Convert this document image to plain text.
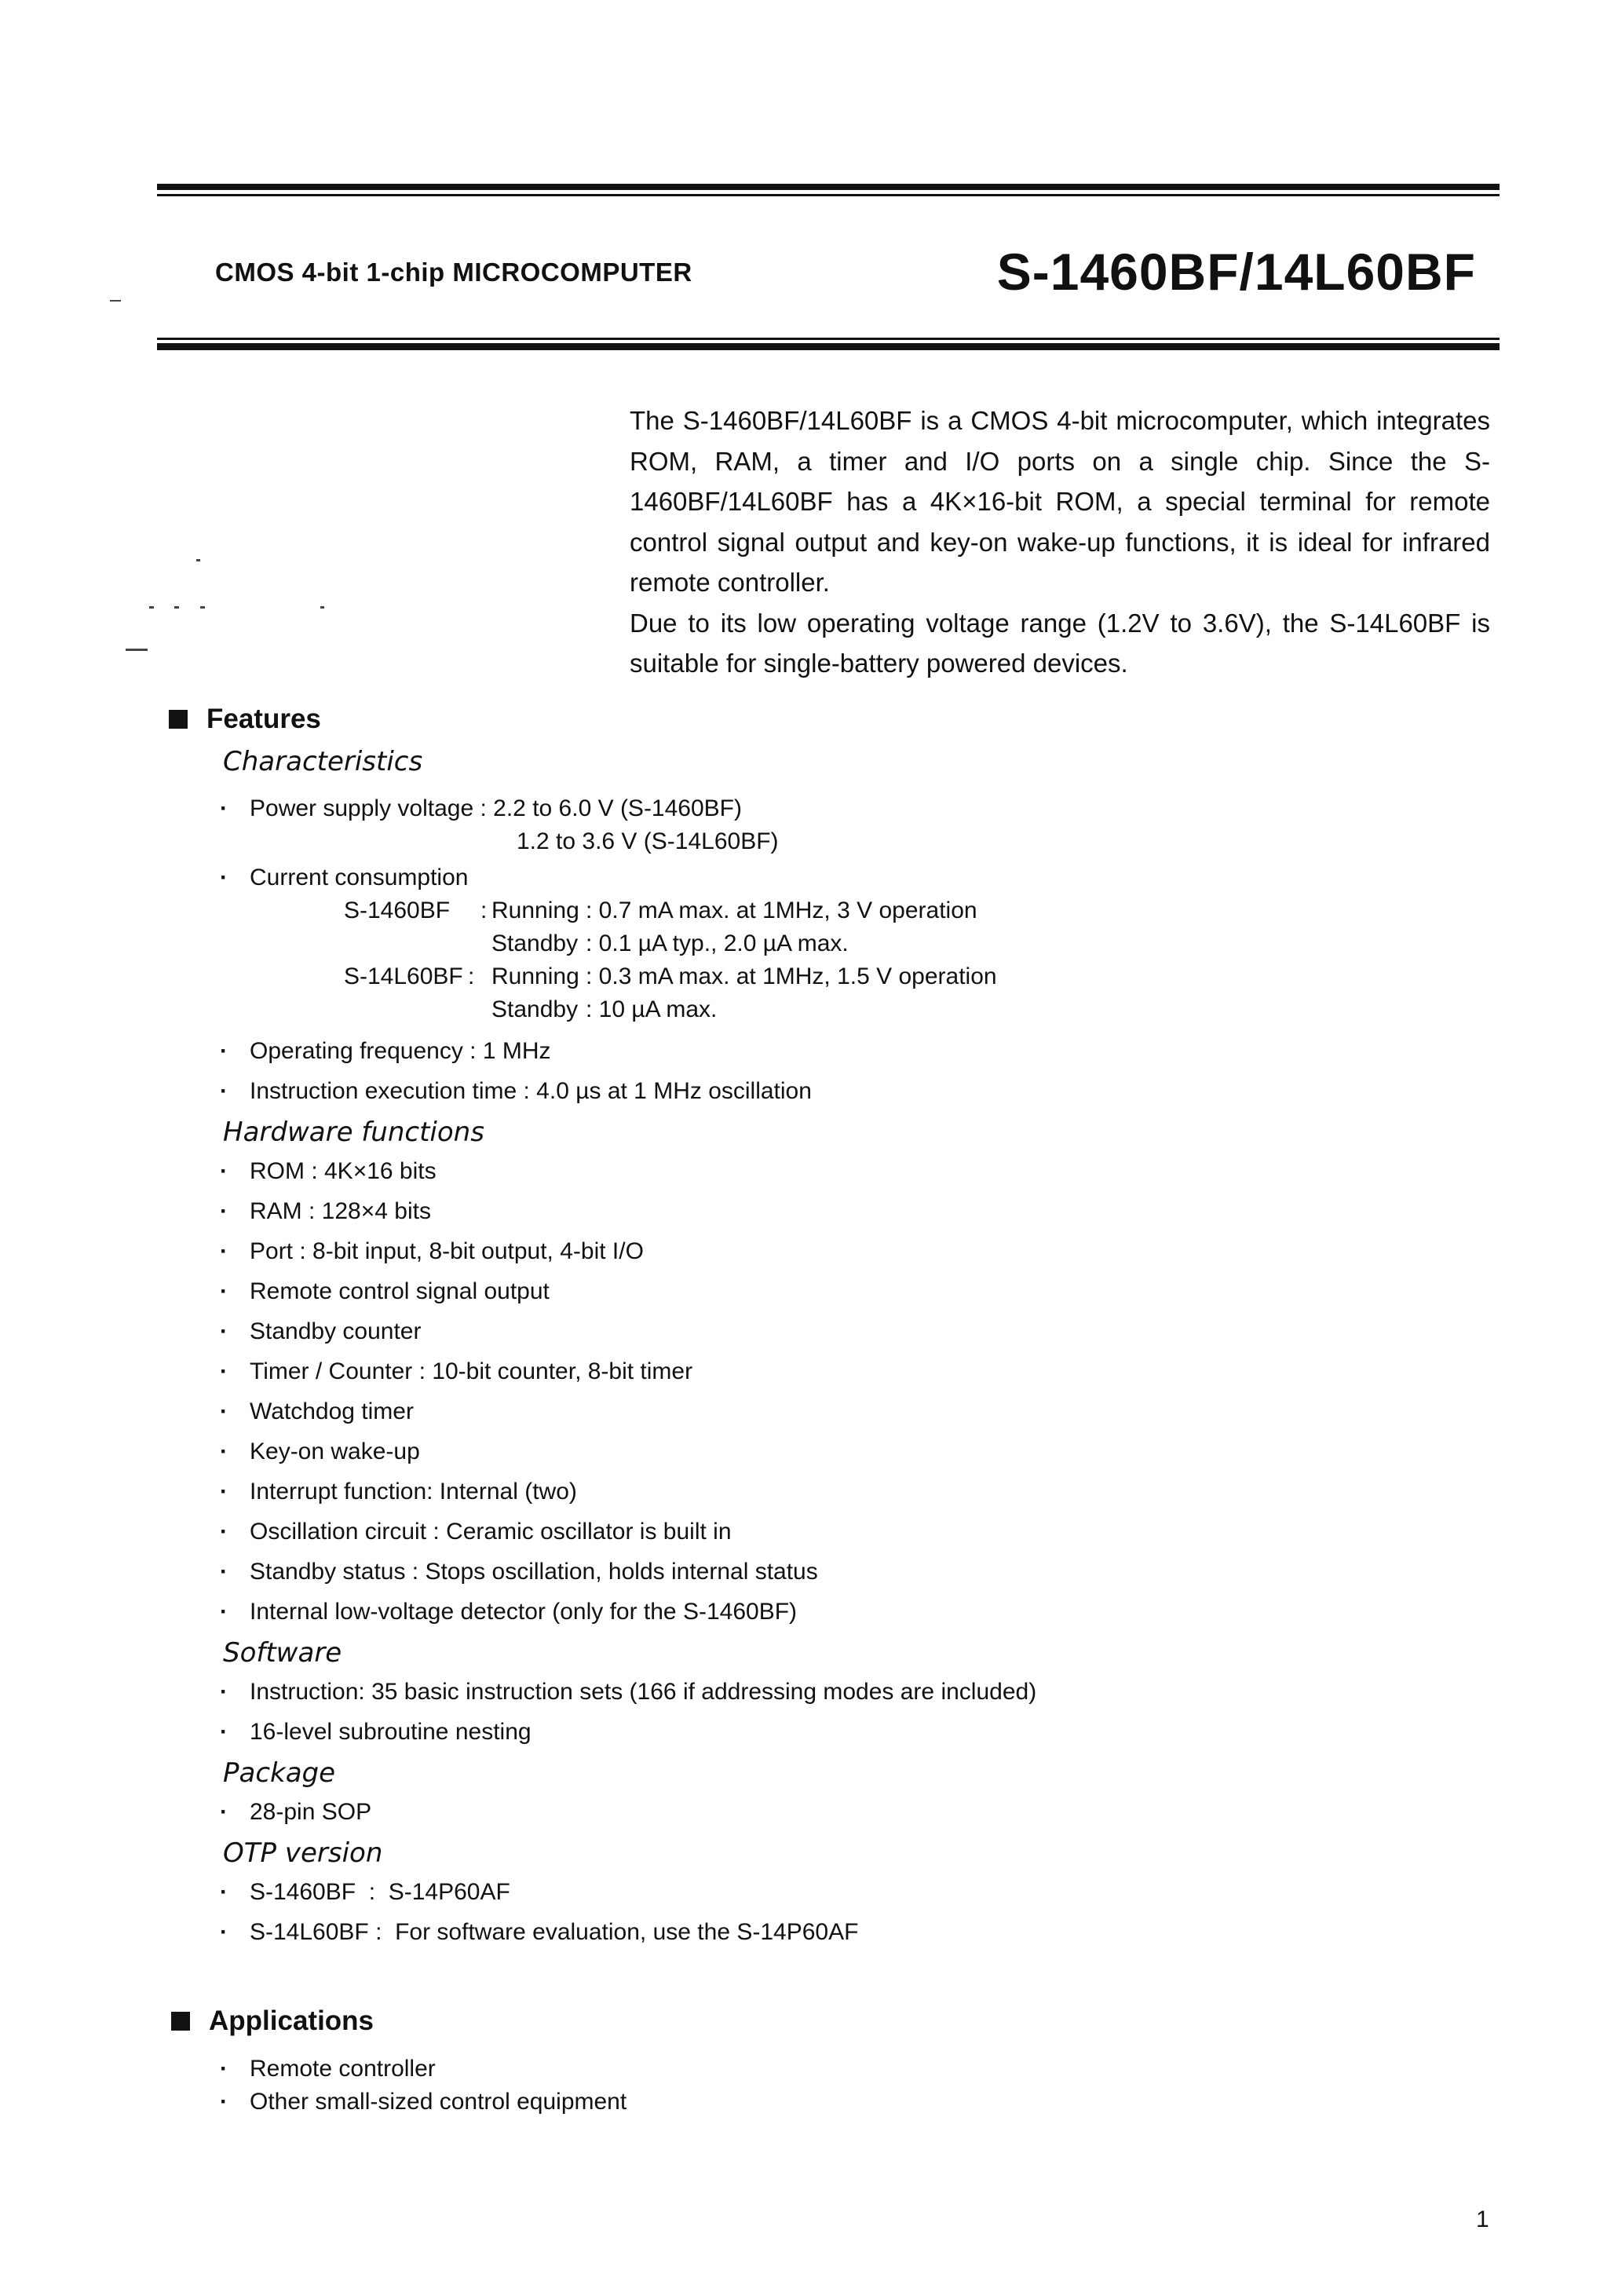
CMOS 4-bit 1-chip MICROCOMPUTER	S-1460BF/14L60BF

The S-1460BF/14L60BF is a CMOS 4-bit microcomputer, which integrates ROM, RAM, a timer and I/O ports on a single chip. Since the S-1460BF/14L60BF has a 4K×16-bit ROM, a special terminal for remote control signal output and key-on wake-up functions, it is ideal for infrared remote controller.

Due to its low operating voltage range (1.2V to 3.6V), the S-14L60BF is suitable for single-battery powered devices.

Features
Characteristics
· Power supply voltage : 2.2 to 6.0 V (S-1460BF)
1.2 to 3.6 V (S-14L60BF)
· Current consumption
S-1460BF : Running : 0.7 mA max. at 1MHz, 3 V operation
Standby : 0.1 µA typ., 2.0 µA max.
S-14L60BF : Running : 0.3 mA max. at 1MHz, 1.5 V operation
Standby : 10 µA max.
· Operating frequency : 1 MHz
· Instruction execution time : 4.0 µs at 1 MHz oscillation
Hardware functions
· ROM : 4K×16 bits
· RAM : 128×4 bits
· Port : 8-bit input, 8-bit output, 4-bit I/O
· Remote control signal output
· Standby counter
· Timer / Counter : 10-bit counter, 8-bit timer
· Watchdog timer
· Key-on wake-up
· Interrupt function: Internal (two)
· Oscillation circuit : Ceramic oscillator is built in
· Standby status : Stops oscillation, holds internal status
· Internal low-voltage detector (only for the S-1460BF)
Software
· Instruction: 35 basic instruction sets (166 if addressing modes are included)
· 16-level subroutine nesting
Package
· 28-pin SOP
OTP version
· S-1460BF  :  S-14P60AF
· S-14L60BF :  For software evaluation, use the S-14P60AF
Applications
· Remote controller
· Other small-sized control equipment
1
